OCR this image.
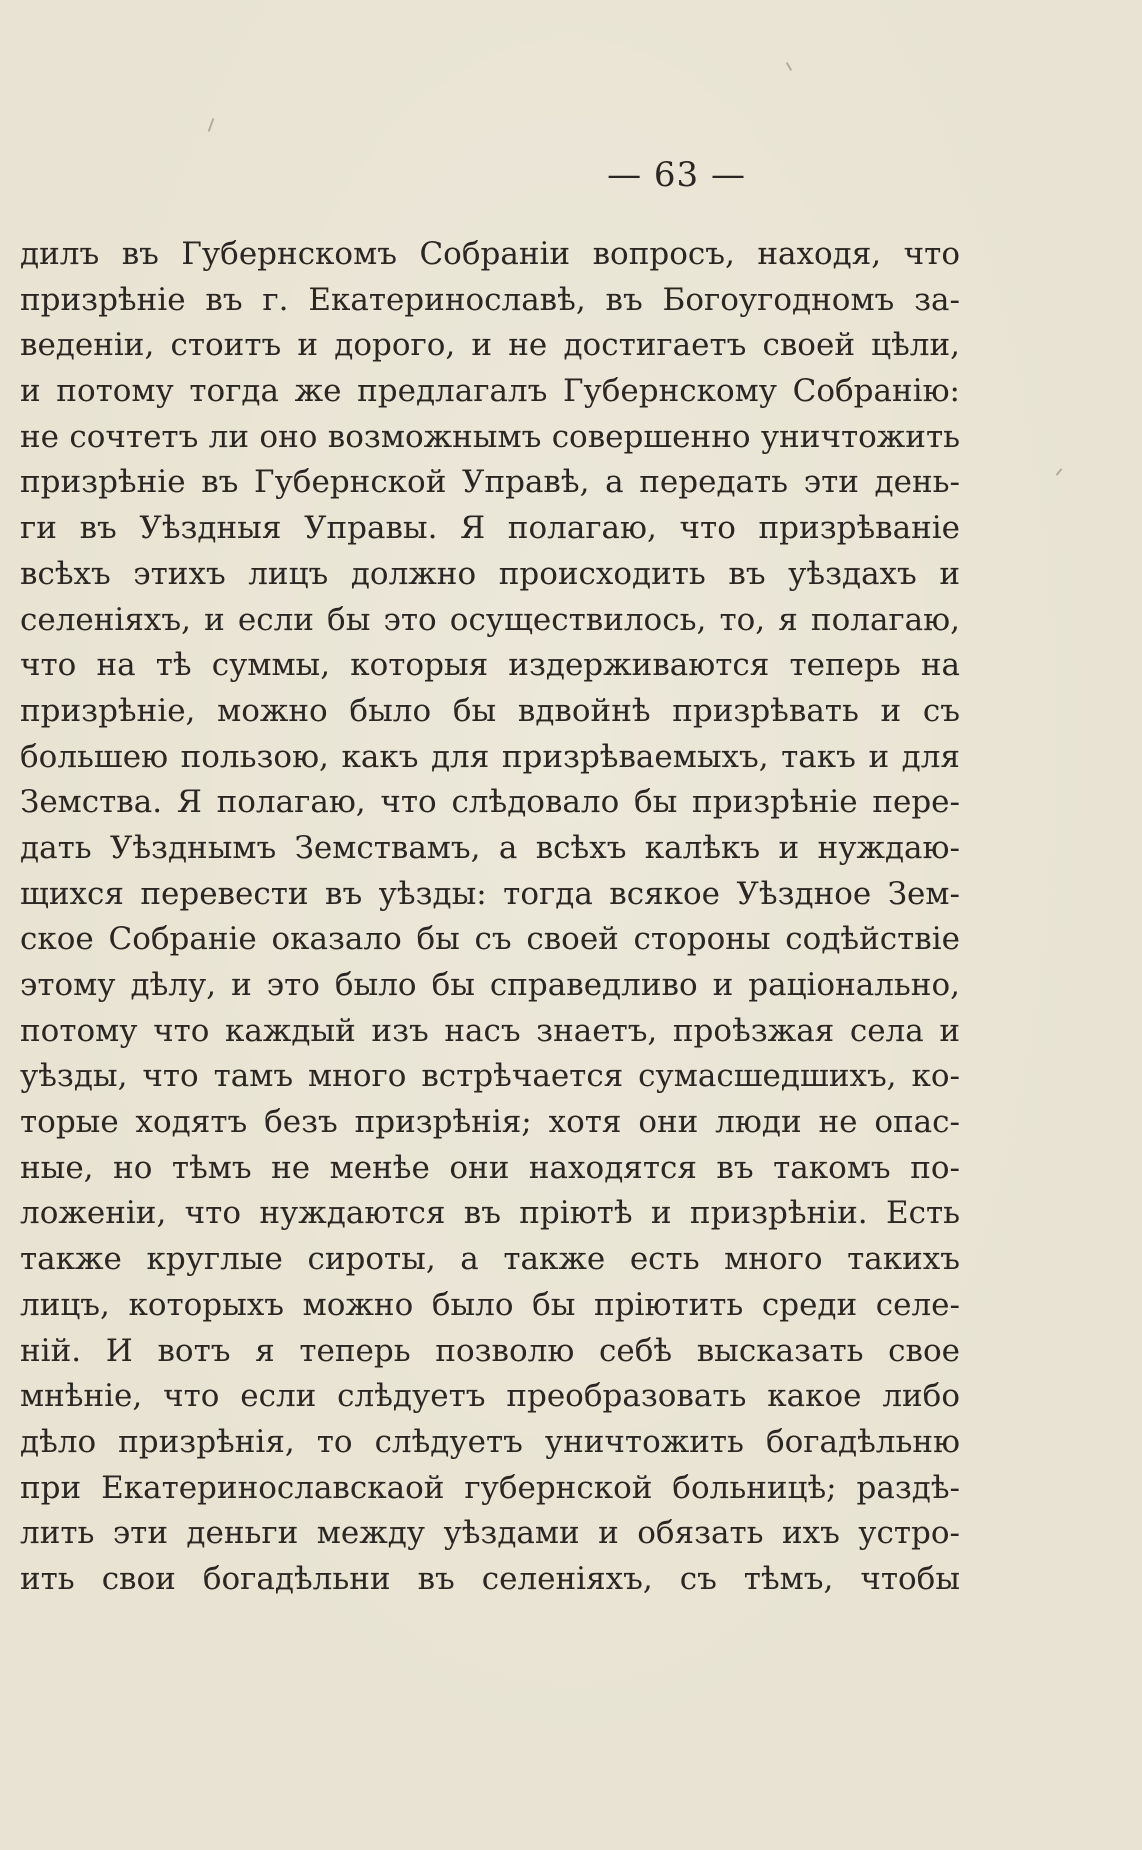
— 63 —
дилъ въ Губернскомъ Собраніи вопросъ, находя, что
призрѣніе въ г. Екатеринославѣ, въ Богоугодномъ за-
веденіи, стоитъ и дорого, и не достигаетъ своей цѣли,
и потому тогда же предлагалъ Губернскому Собранію:
не сочтетъ ли оно возможнымъ совершенно уничтожить
призрѣніе въ Губернской Управѣ, а передать эти день-
ги въ Уѣздныя Управы. Я полагаю, что призрѣваніе
всѣхъ этихъ лицъ должно происходить въ уѣздахъ и
селеніяхъ, и если бы это осуществилось, то, я полагаю,
что на тѣ суммы, которыя издерживаются теперь на
призрѣніе, можно было бы вдвойнѣ призрѣвать и съ
большею пользою, какъ для призрѣваемыхъ, такъ и для
Земства. Я полагаю, что слѣдовало бы призрѣніе пере-
дать Уѣзднымъ Земствамъ, а всѣхъ калѣкъ и нуждаю-
щихся перевести въ уѣзды: тогда всякое Уѣздное Зем-
ское Собраніе оказало бы съ своей стороны содѣйствіе
этому дѣлу, и это было бы справедливо и раціонально,
потому что каждый изъ насъ знаетъ, проѣзжая села и
уѣзды, что тамъ много встрѣчается сумасшедшихъ, ко-
торые ходятъ безъ призрѣнія; хотя они люди не опас-
ные, но тѣмъ не менѣе они находятся въ такомъ по-
ложеніи, что нуждаются въ пріютѣ и призрѣніи. Есть
также круглые сироты, а также есть много такихъ
лицъ, которыхъ можно было бы пріютить среди селе-
ній. И вотъ я теперь позволю себѣ высказать свое
мнѣніе, что если слѣдуетъ преобразовать какое либо
дѣло призрѣнія, то слѣдуетъ уничтожить богадѣльню
при Екатеринославскаой губернской больницѣ; раздѣ-
лить эти деньги между уѣздами и обязать ихъ устро-
ить свои богадѣльни въ селеніяхъ, съ тѣмъ, чтобы
